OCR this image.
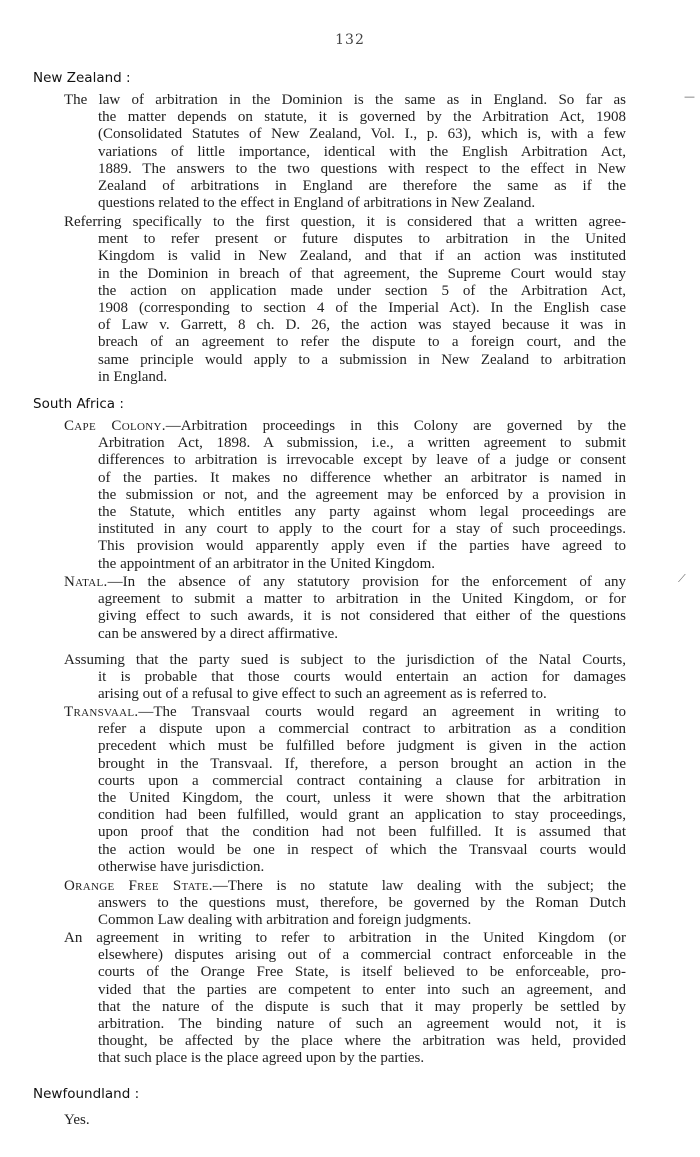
132
New Zealand :
The law of arbitration in the Dominion is the same as in England. So far as
the matter depends on statute, it is governed by the Arbitration Act, 1908
(Consolidated Statutes of New Zealand, Vol. I., p. 63), which is, with a few
variations of little importance, identical with the English Arbitration Act,
1889. The answers to the two questions with respect to the effect in New
Zealand of arbitrations in England are therefore the same as if the
questions related to the effect in England of arbitrations in New Zealand.
Referring specifically to the first question, it is considered that a written agree-
ment to refer present or future disputes to arbitration in the United
Kingdom is valid in New Zealand, and that if an action was instituted
in the Dominion in breach of that agreement, the Supreme Court would stay
the action on application made under section 5 of the Arbitration Act,
1908 (corresponding to section 4 of the Imperial Act). In the English case
of Law v. Garrett, 8 ch. D. 26, the action was stayed because it was in
breach of an agreement to refer the dispute to a foreign court, and the
same principle would apply to a submission in New Zealand to arbitration
in England.
South Africa :
Cape Colony.—Arbitration proceedings in this Colony are governed by the
Arbitration Act, 1898. A submission, i.e., a written agreement to submit
differences to arbitration is irrevocable except by leave of a judge or consent
of the parties. It makes no difference whether an arbitrator is named in
the submission or not, and the agreement may be enforced by a provision in
the Statute, which entitles any party against whom legal proceedings are
instituted in any court to apply to the court for a stay of such proceedings.
This provision would apparently apply even if the parties have agreed to
the appointment of an arbitrator in the United Kingdom.
Natal.—In the absence of any statutory provision for the enforcement of any
agreement to submit a matter to arbitration in the United Kingdom, or for
giving effect to such awards, it is not considered that either of the questions
can be answered by a direct affirmative.
Assuming that the party sued is subject to the jurisdiction of the Natal Courts,
it is probable that those courts would entertain an action for damages
arising out of a refusal to give effect to such an agreement as is referred to.
Transvaal.—The Transvaal courts would regard an agreement in writing to
refer a dispute upon a commercial contract to arbitration as a condition
precedent which must be fulfilled before judgment is given in the action
brought in the Transvaal. If, therefore, a person brought an action in the
courts upon a commercial contract containing a clause for arbitration in
the United Kingdom, the court, unless it were shown that the arbitration
condition had been fulfilled, would grant an application to stay proceedings,
upon proof that the condition had not been fulfilled. It is assumed that
the action would be one in respect of which the Transvaal courts would
otherwise have jurisdiction.
Orange Free State.—There is no statute law dealing with the subject; the
answers to the questions must, therefore, be governed by the Roman Dutch
Common Law dealing with arbitration and foreign judgments.
An agreement in writing to refer to arbitration in the United Kingdom (or
elsewhere) disputes arising out of a commercial contract enforceable in the
courts of the Orange Free State, is itself believed to be enforceable, pro-
vided that the parties are competent to enter into such an agreement, and
that the nature of the dispute is such that it may properly be settled by
arbitration. The binding nature of such an agreement would not, it is
thought, be affected by the place where the arbitration was held, provided
that such place is the place agreed upon by the parties.
Newfoundland :
Yes.
—
⟋
